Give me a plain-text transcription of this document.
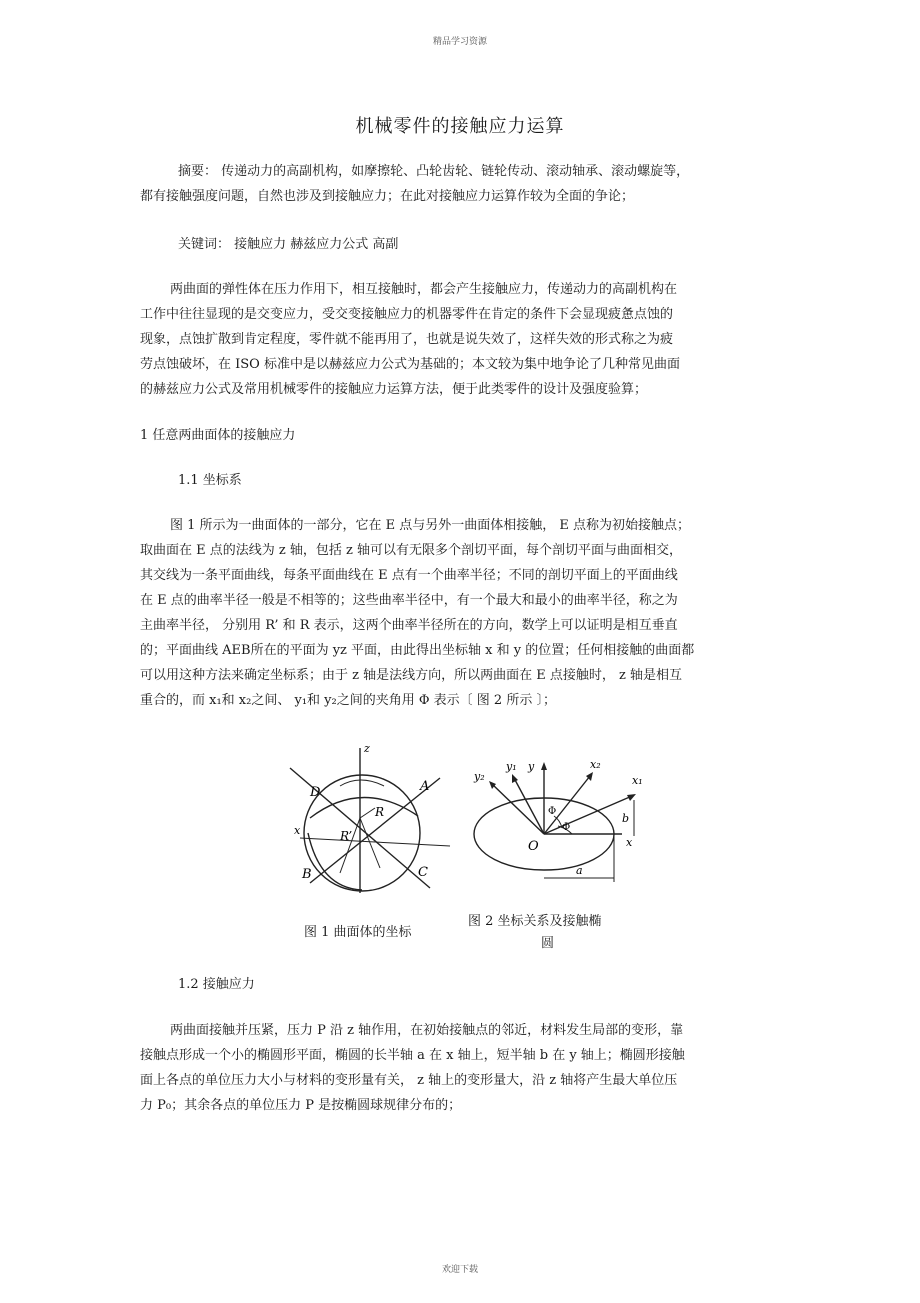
精品学习资源
机械零件的接触应力运算
摘要： 传递动力的高副机构，如摩擦轮、凸轮齿轮、链轮传动、滚动轴承、滚动螺旋等，
都有接触强度问题，自然也涉及到接触应力；在此对接触应力运算作较为全面的争论；
关键词： 接触应力 赫兹应力公式 高副
两曲面的弹性体在压力作用下，相互接触时，都会产生接触应力，传递动力的高副机构在
工作中往往显现的是交变应力，受交变接触应力的机器零件在肯定的条件下会显现疲惫点蚀的
现象，点蚀扩散到肯定程度，零件就不能再用了，也就是说失效了，这样失效的形式称之为疲
劳点蚀破坏，在 ISO 标准中是以赫兹应力公式为基础的；本文较为集中地争论了几种常见曲面
的赫兹应力公式及常用机械零件的接触应力运算方法，便于此类零件的设计及强度验算；
1 任意两曲面体的接触应力
1.1 坐标系
图 1 所示为一曲面体的一部分，它在 E 点与另外一曲面体相接触， E 点称为初始接触点；
取曲面在 E 点的法线为 z 轴，包括 z 轴可以有无限多个剖切平面，每个剖切平面与曲面相交，
其交线为一条平面曲线，每条平面曲线在 E 点有一个曲率半径；不同的剖切平面上的平面曲线
在 E 点的曲率半径一般是不相等的；这些曲率半径中，有一个最大和最小的曲率半径，称之为
主曲率半径， 分别用 R’ 和 R 表示，这两个曲率半径所在的方向，数学上可以证明是相互垂直
的；平面曲线 AEB所在的平面为 yz 平面，由此得出坐标轴 x 和 y 的位置；任何相接触的曲面都
可以用这种方法来确定坐标系；由于 z 轴是法线方向，所以两曲面在 E 点接触时， z 轴是相互
重合的，而 x₁和 x₂之间、 y₁和 y₂之间的夹角用 Φ 表示〔 图 2 所示 〕；
z
D	A
R
R’
x
B	C
y₂
y₁ y	x₂
x₁
Φ
Φ
b
a
O	x
图 1 曲面体的坐标
图 2 坐标关系及接触椭
圆
1.2 接触应力
两曲面接触并压紧，压力 P 沿 z 轴作用，在初始接触点的邻近，材料发生局部的变形，靠
接触点形成一个小的椭圆形平面，椭圆的长半轴 a 在 x 轴上，短半轴 b 在 y 轴上；椭圆形接触
面上各点的单位压力大小与材料的变形量有关， z 轴上的变形量大，沿 z 轴将产生最大单位压
力 P₀；其余各点的单位压力 P 是按椭圆球规律分布的；
欢迎下载
